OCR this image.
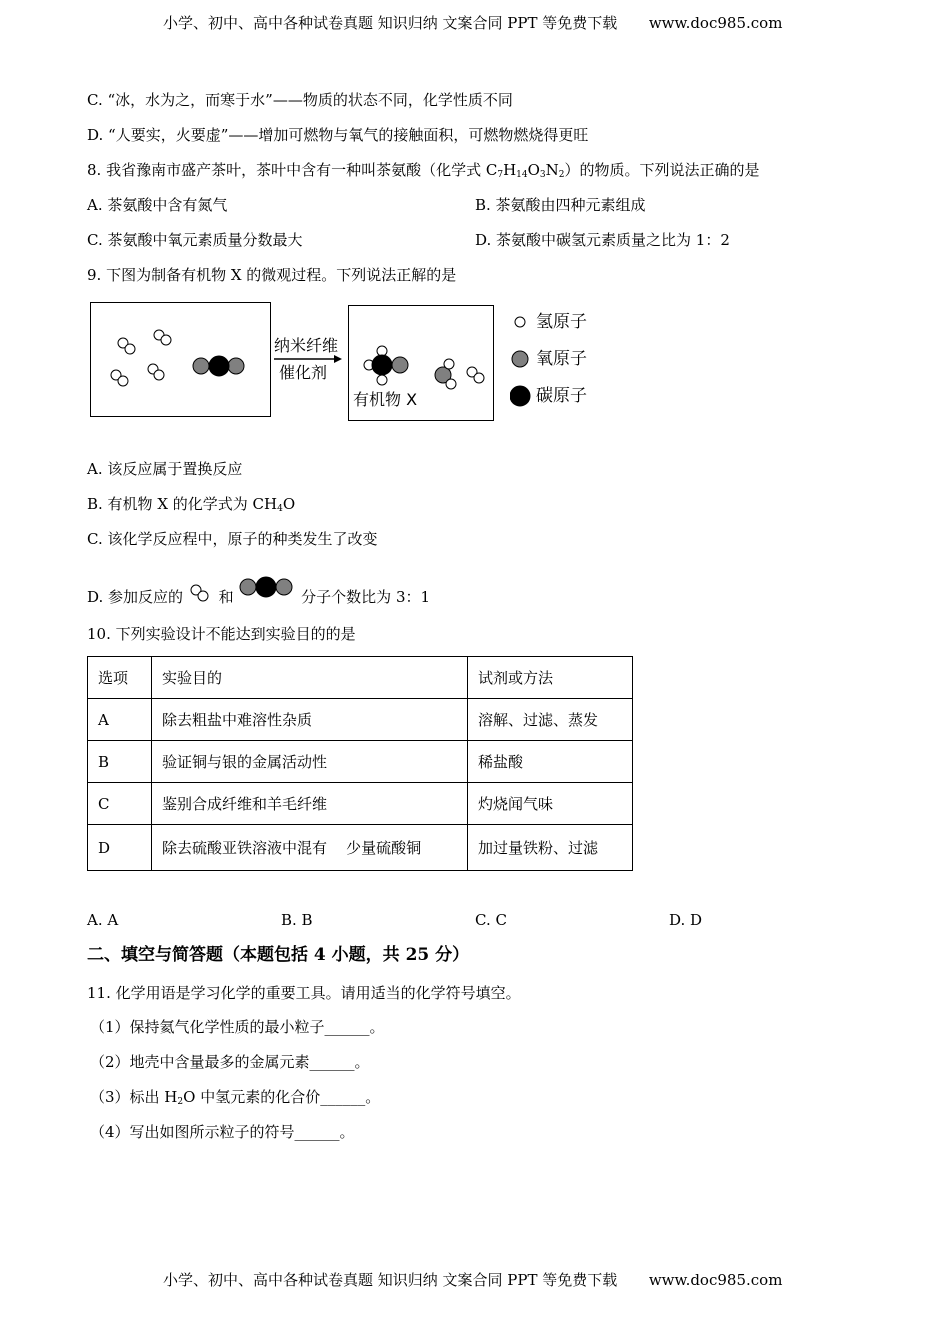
小学、初中、高中各种试卷真题 知识归纳 文案合同 PPT 等免费下载 www.doc985.com
C. “冰，水为之，而寒于水”——物质的状态不同，化学性质不同
D. “人要实，火要虚”——增加可燃物与氧气的接触面积，可燃物燃烧得更旺
8. 我省豫南市盛产茶叶，茶叶中含有一种叫茶氨酸（化学式 $C_7H_{14}O_3N_2$）的物质。下列说法正确的是
A. 茶氨酸中含有氮气	B. 茶氨酸由四种元素组成
C. 茶氨酸中氧元素质量分数最大	D. 茶氨酸中碳氢元素质量之比为 1：2
9. 下图为制备有机物 X 的微观过程。下列说法正解的是
纳米纤维
催化剂
有机物 X
氢原子
氧原子
碳原子
A. 该反应属于置换反应
B. 有机物 X 的化学式为 $CH_4O$
C. 该化学反应程中，原子的种类发生了改变
D. 参加反应的 和	分子个数比为 3：1
10. 下列实验设计不能达到实验目的的是
选项	实验目的	试剂或方法
A	除去粗盐中难溶性杂质	溶解、过滤、蒸发
B	验证铜与银的金属活动性	稀盐酸
C	鉴别合成纤维和羊毛纤维	灼烧闻气味
D	除去硫酸亚铁溶液中混有    少量硫酸铜	加过量铁粉、过滤
A. A	B. B	C. C	D. D
二、填空与简答题（本题包括 4 小题，共 25 分）
11. 化学用语是学习化学的重要工具。请用适当的化学符号填空。
（1）保持氦气化学性质的最小粒子______。
（2）地壳中含量最多的金属元素______。
（3）标出 $H_2O$ 中氢元素的化合价______。
（4）写出如图所示粒子的符号______。
小学、初中、高中各种试卷真题 知识归纳 文案合同 PPT 等免费下载 www.doc985.com
